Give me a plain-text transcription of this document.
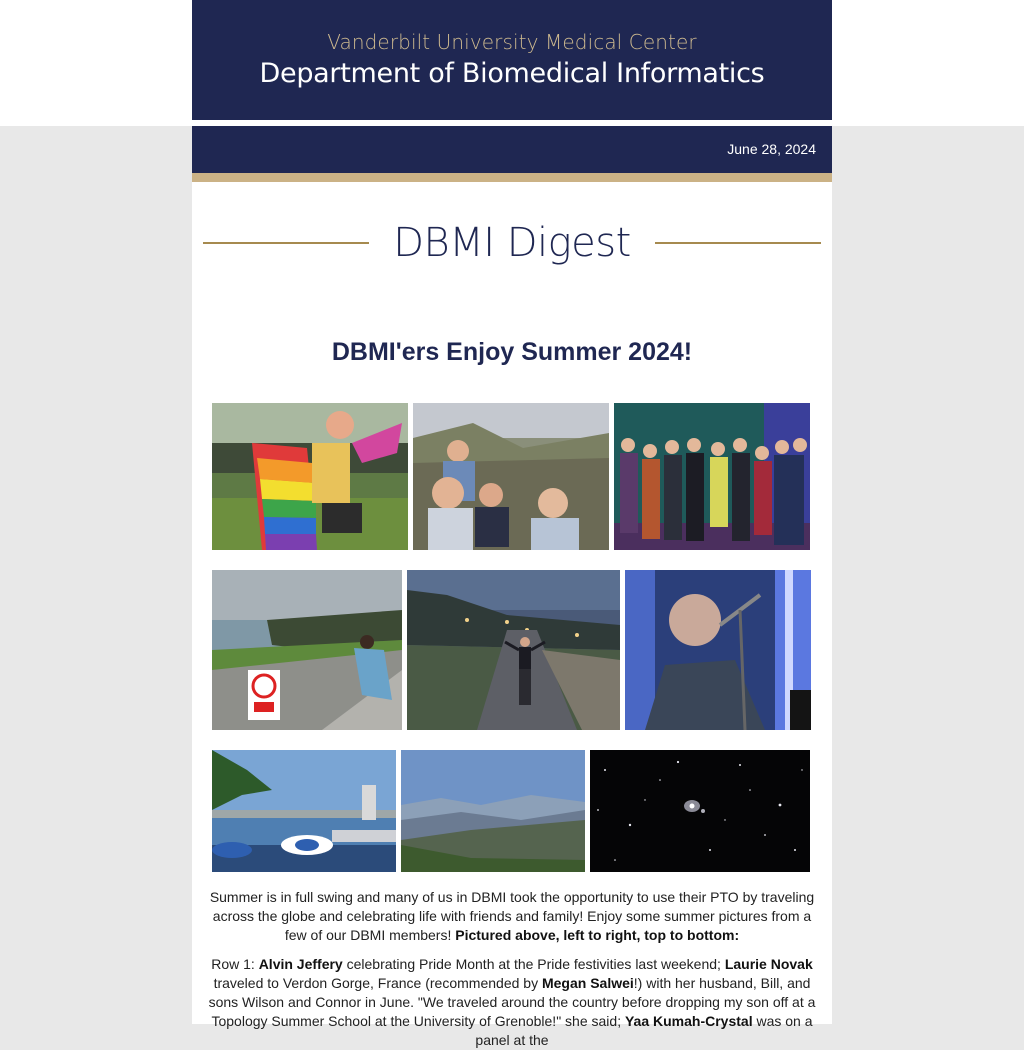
Vanderbilt University Medical Center
Department of Biomedical Informatics
June 28, 2024
DBMI Digest
DBMI'ers Enjoy Summer 2024!
Summer is in full swing and many of us in DBMI took the opportunity to use their PTO by traveling across the globe and celebrating life with friends and family! Enjoy some summer pictures from a few of our DBMI members! Pictured above, left to right, top to bottom:
Row 1: Alvin Jeffery celebrating Pride Month at the Pride festivities last weekend; Laurie Novak traveled to Verdon Gorge, France (recommended by Megan Salwei!) with her husband, Bill, and sons Wilson and Connor in June. "We traveled around the country before dropping my son off at a Topology Summer School at the University of Grenoble!" she said; Yaa Kumah-Crystal was on a panel at the
